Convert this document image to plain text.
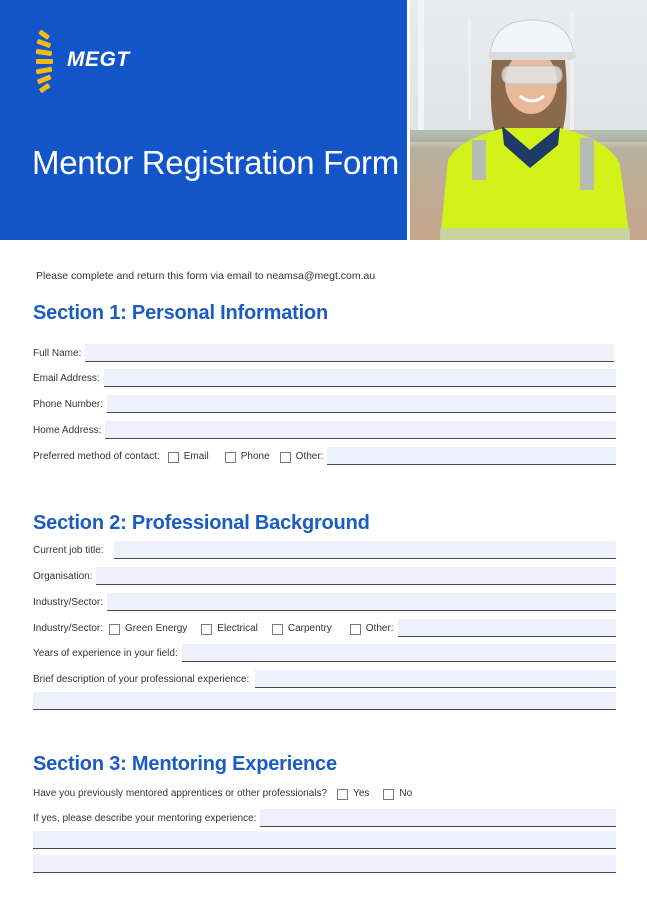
MEGT
Mentor Registration Form
Please complete and return this form via email to neamsa@megt.com.au
Section 1: Personal Information
Full Name:
Email Address:
Phone Number:
Home Address:
Preferred method of contact: Email	Phone	Other:
Section 2: Professional Background
Current job title:
Organisation:
Industry/Sector:
Industry/Sector: Green Energy	Electrical	Carpentry	Other:
Years of experience in your field:
Brief description of your professional experience:
Section 3: Mentoring Experience
Have you previously mentored apprentices or other professionals?	Yes	No
If yes, please describe your mentoring experience:
